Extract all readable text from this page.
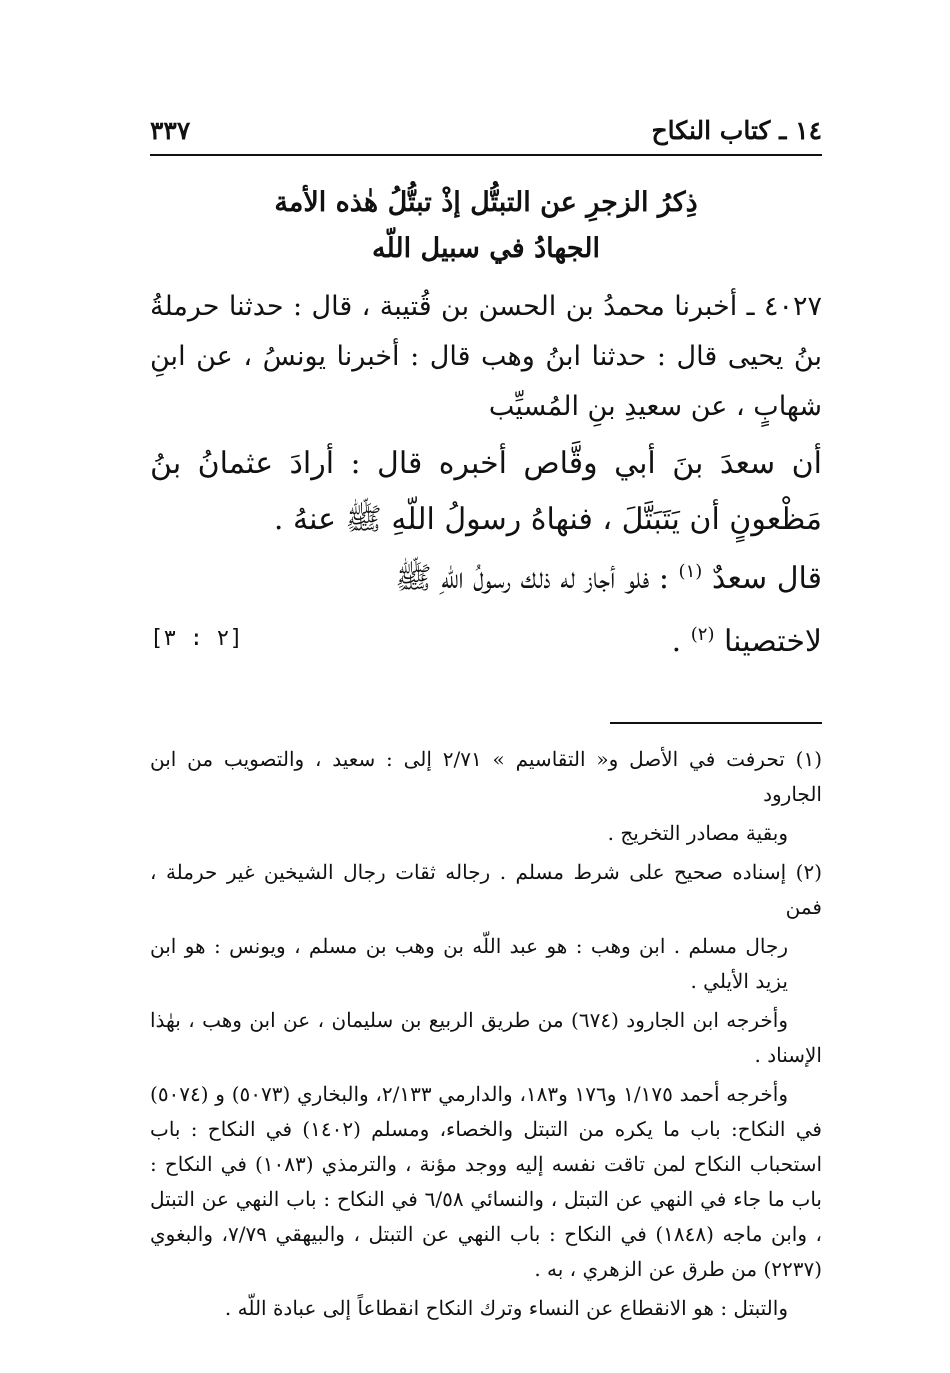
١٤ ـ كتاب النكاح
٣٣٧
ذِكرُ الزجرِ عن التبتُّل إذْ تبتُّلُ هٰذه الأمة
الجهادُ في سبيل اللّه
٤٠٢٧ ـ أخبرنا محمدُ بن الحسن بن قُتيبة ، قال : حدثنا حرملةُ بنُ يحيى قال : حدثنا ابنُ وهب قال : أخبرنا يونسُ ، عن ابنِ شهابٍ ، عن سعيدِ بنِ المُسيِّب
أن سعدَ بنَ أبي وقَّاص أخبره قال : أرادَ عثمانُ بنُ مَظْعونٍ أن يَتَبَتَّلَ ، فنهاهُ رسولُ اللّهِ ﷺ عنهُ .
قال سعدٌ $^{(١)}$ : فلو أجاز له ذلك رسولُ اللّهِ ﷺ
لاختصينا $^{(٢)}$ .
[٢ : ٣]
(١) تحرفت في الأصل و« التقاسيم » ٢/٧١ إلى : سعيد ، والتصويب من ابن الجارود
وبقية مصادر التخريج .
(٢) إسناده صحيح على شرط مسلم . رجاله ثقات رجال الشيخين غير حرملة ، فمن
رجال مسلم . ابن وهب : هو عبد اللّه بن وهب بن مسلم ، ويونس : هو ابن يزيد الأيلي .
وأخرجه ابن الجارود (٦٧٤) من طريق الربيع بن سليمان ، عن ابن وهب ، بهٰذا الإسناد .
وأخرجه أحمد ١/١٧٥ و١٧٦ و١٨٣، والدارمي ٢/١٣٣، والبخاري (٥٠٧٣) و (٥٠٧٤) في النكاح: باب ما يكره من التبتل والخصاء، ومسلم (١٤٠٢) في النكاح : باب استحباب النكاح لمن تاقت نفسه إليه ووجد مؤنة ، والترمذي (١٠٨٣) في النكاح : باب ما جاء في النهي عن التبتل ، والنسائي ٦/٥٨ في النكاح : باب النهي عن التبتل ، وابن ماجه (١٨٤٨) في النكاح : باب النهي عن التبتل ، والبيهقي ٧/٧٩، والبغوي (٢٢٣٧) من طرق عن الزهري ، به .
والتبتل : هو الانقطاع عن النساء وترك النكاح انقطاعاً إلى عبادة اللّه .
